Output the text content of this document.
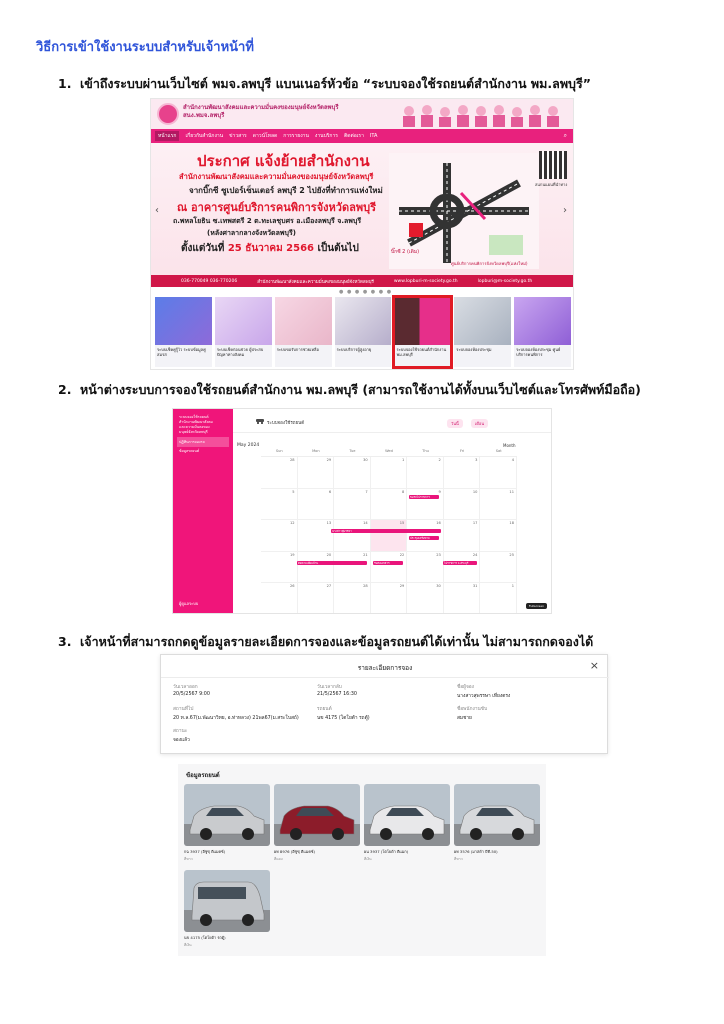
วิธีการเข้าใช้งานระบบสำหรับเจ้าหน้าที่
1. เข้าถึงระบบผ่านเว็บไซต์ พมจ.ลพบุรี แบนเนอร์หัวข้อ “ระบบจองใช้รถยนต์สำนักงาน พม.ลพบุรี”
สำนักงานพัฒนาสังคมและความมั่นคงของมนุษย์จังหวัดลพบุรี
สนง.พมจ.ลพบุรี
หน้าแรก	เกี่ยวกับสำนักงาน ข่าวสาร ดาวน์โหลด การรายงาน งานบริการ ติดต่อเรา ITA	⌕
ประกาศ แจ้งย้ายสำนักงาน
สำนักงานพัฒนาสังคมและความมั่นคงของมนุษย์จังหวัดลพบุรี
จากบิ๊กซี ซูเปอร์เซ็นเตอร์ ลพบุรี 2 ไปยังที่ทำการแห่งใหม่
ณ อาคารศูนย์บริการคนพิการจังหวัดลพบุรี
ถ.พหลโยธิน ซ.เทพสตรี 2 ต.ทะเลชุบศร อ.เมืองลพบุรี จ.ลพบุรี
(หลังศาลากลางจังหวัดลพบุรี)
ตั้งแต่วันที่ 25 ธันวาคม 2566 เป็นต้นไป
‹	›
บิ๊กซี 2 (เดิม)
ศูนย์บริการคนพิการจังหวัดลพบุรี(แห่งใหม่)
สแกนแผนที่นำทาง
036-770049 036-770206	สำนักงานพัฒนาสังคมและความมั่นคงของมนุษย์จังหวัดลพบุรี	www.lopburi-m-society.go.th	lopburi@m-society.go.th
● ● ● ● ● ● ●
ระบบเช็คคู่รู้ไว ระบบข้อมูลคู่สมรส
ระบบเช็คก่อนช่วย ผู้ประสบปัญหาทางสังคม
ระบบขอรับการช่วยเหลือ	ระบบบริการผู้สูงอายุ	ระบบจองใช้รถยนต์สำนักงาน พม.ลพบุรี
ระบบจองห้องประชุม	ระบบจองห้องประชุม ศูนย์บริการคนพิการ
2. หน้าต่างระบบการจองใช้รถยนต์สำนักงาน พม.ลพบุรี (สามารถใช้งานได้ทั้งบนเว็บไซต์และโทรศัพท์มือถือ)
ระบบจองใช้รถยนต์
สำนักงานพัฒนาสังคม
และความมั่นคงของ
มนุษย์จังหวัดลพบุรี
ปฏิทินการจองรถ
ข้อมูลรถยนต์
ผู้ดูแลระบบ
ระบบจองใช้รถยนต์	วันนี้	เดือน
May 2024	Month
Sun	Mon	Tue	Wed	Thu	Fri	Sat
28	29	30	1	2	3	4
5	6	7	8	9	10	11
12	13	14	15	16	17	18
19	20	21	22	23	24	25
26	27	28	29	30	31	1
ขอรถไปราชการ
นางสาวสุพรรษา
ประชุมเครือข่าย
ติดตามเยี่ยมบ้าน	รับส่งเอกสาร	ไปราชการ จ.สระบุรี
Fullscreen
3. เจ้าหน้าที่สามารถกดดูข้อมูลรายละเอียดการจองและข้อมูลรถยนต์ได้เท่านั้น ไม่สามารถกดจองได้
รายละเอียดการจอง	×
วันเวลาออก
20/5/2567 9:00
วันเวลากลับ
21/5/2567 16:30
ชื่อผู้จอง
นางสาวสุพรรษา เที่ยงตรง
สถานที่ไป
20 ท.ล.67(ม.พัฒนาวิทย, อ.ท่าหลวง) 21พล67(ม.สระโบสถ์)
รถยนต์
นข 4175 (โตโยต้า รถตู้)
ชื่อพนักงานขับ
สมชาย
สถานะ
จองแล้ว
ข้อมูลรถยนต์
กฉ 3937 (อีซูซุ ดีแมคซ์)
สีขาว
ผท 8976 (อีซูซุ ดีแมคซ์)
สีแดง
ผน 3937 (โตโยต้า ดีแมก)
สีเงิน
ผท 3576 (มาสด้า บีที-50)
สีขาว
นข 4175 (โตโยต้า รถตู้)
สีเงิน
